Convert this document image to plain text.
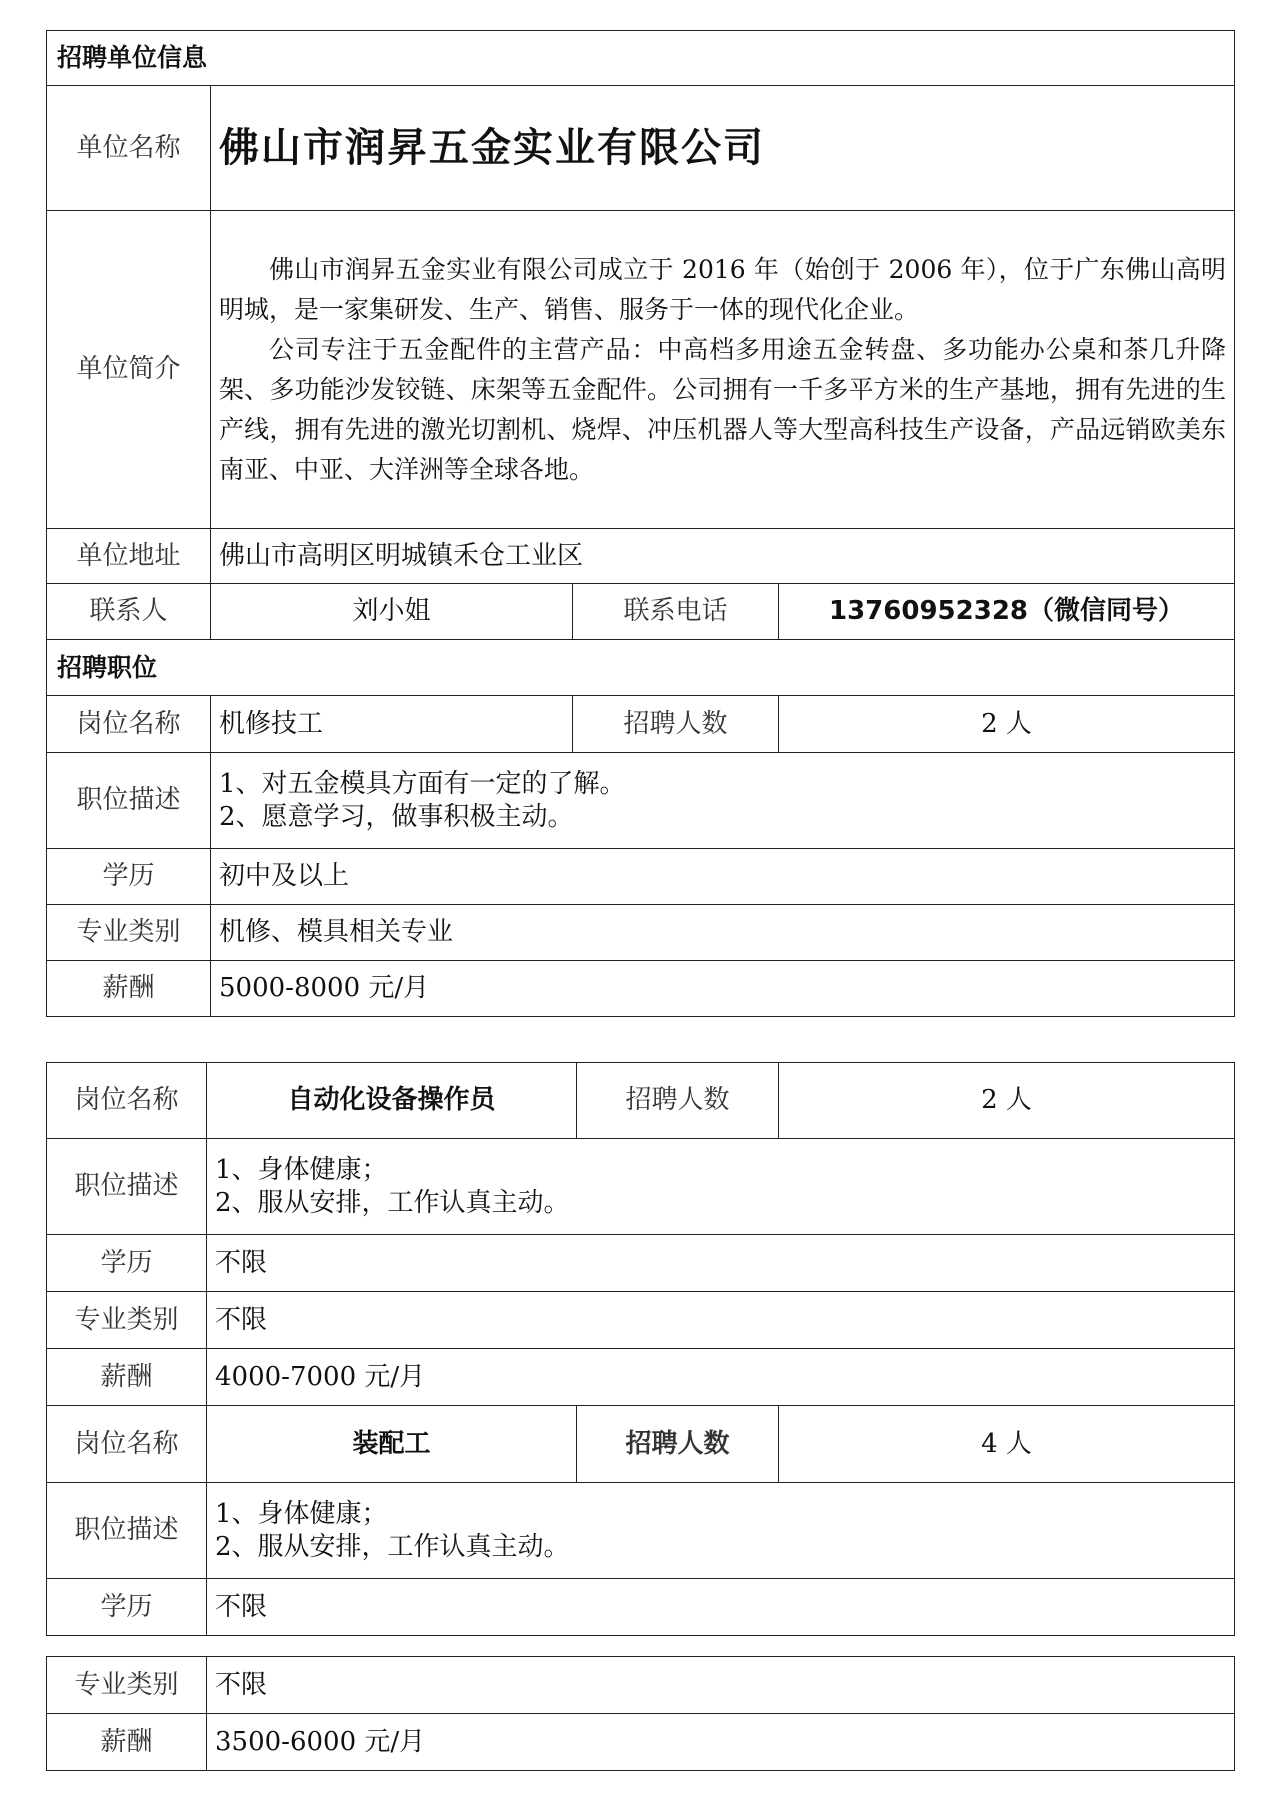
招聘单位信息			
单位名称	佛山市润昇五金实业有限公司		
单位简介	佛山市润昇五金实业有限公司成立于 2016 年（始创于 2006 年），位于广东佛山高明明城，是一家集研发、生产、销售、服务于一体的现代化企业。

公司专注于五金配件的主营产品：中高档多用途五金转盘、多功能办公桌和茶几升降架、多功能沙发铰链、床架等五金配件。公司拥有一千多平方米的生产基地，拥有先进的生产线，拥有先进的激光切割机、烧焊、冲压机器人等大型高科技生产设备，产品远销欧美东南亚、中亚、大洋洲等全球各地。		

单位地址	佛山市高明区明城镇禾仓工业区		
联系人	刘小姐	联系电话	13760952328（微信同号）
招聘职位			
岗位名称	机修技工	招聘人数	2 人
职位描述	1、对五金模具方面有一定的了解。
2、愿意学习，做事积极主动。		

学历	初中及以上		
专业类别	机修、模具相关专业		
薪酬	5000-8000 元/月		
岗位名称	自动化设备操作员	招聘人数	2 人
职位描述	1、身体健康；
2、服从安排，工作认真主动。		

学历	不限		
专业类别	不限		
薪酬	4000-7000 元/月		
岗位名称	装配工	招聘人数	4 人
职位描述	1、身体健康；
2、服从安排，工作认真主动。		

学历	不限		
专业类别	不限
薪酬	3500-6000 元/月
